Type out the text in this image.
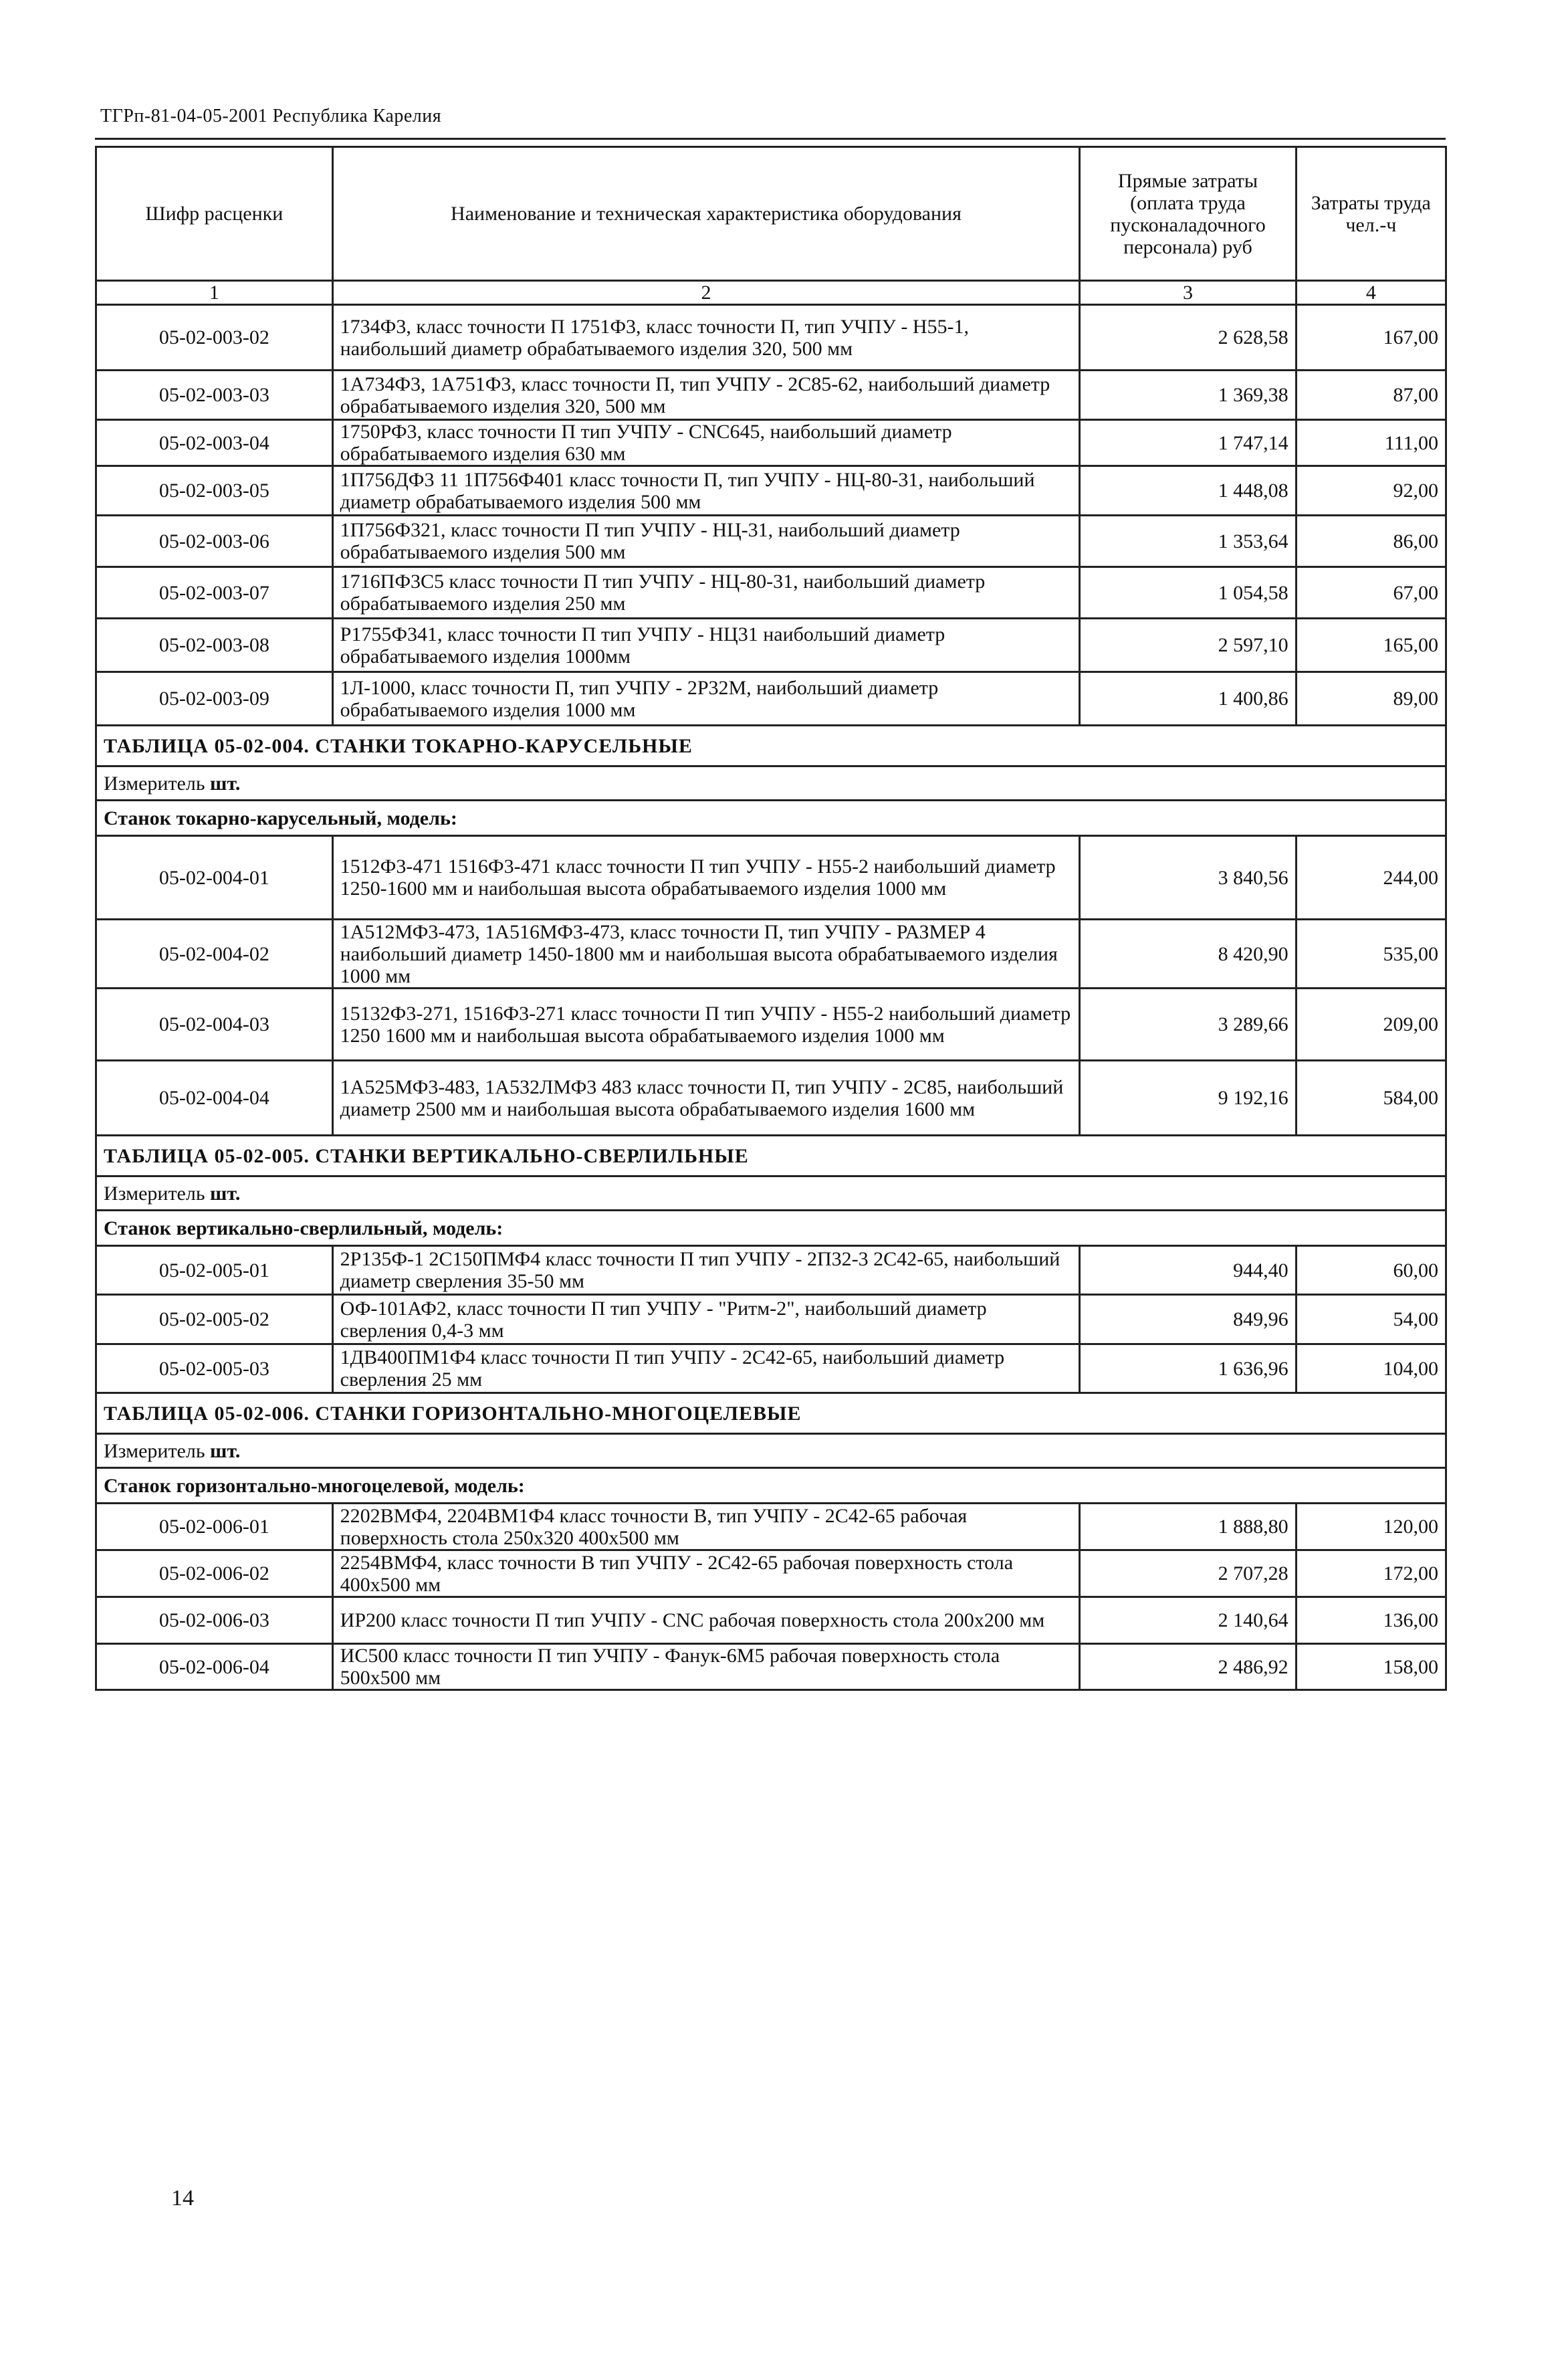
ТГРп-81-04-05-2001 Республика Карелия
Шифр расценки	Наименование и техническая характеристика оборудования	Прямые затраты (оплата труда пусконаладочного персонала) руб	Затраты труда чел.-ч
1	2	3	4
05-02-003-02	1734Ф3, класс точности П 1751Ф3, класс точности П, тип УЧПУ - Н55-1, наибольший диаметр обрабатываемого изделия 320, 500 мм	2 628,58	167,00
05-02-003-03	1А734Ф3, 1А751Ф3, класс точности П, тип УЧПУ - 2С85-62, наибольший диаметр обрабатываемого изделия 320, 500 мм	1 369,38	87,00
05-02-003-04	1750РФ3, класс точности П тип УЧПУ - CNC645, наибольший диаметр обрабатываемого изделия 630 мм	1 747,14	111,00
05-02-003-05	1П756ДФ3 11 1П756Ф401 класс точности П, тип УЧПУ - НЦ-80-31, наибольший диаметр обрабатываемого изделия 500 мм	1 448,08	92,00
05-02-003-06	1П756Ф321, класс точности П тип УЧПУ - НЦ-31, наибольший диаметр обрабатываемого изделия 500 мм	1 353,64	86,00
05-02-003-07	1716ПФ3С5 класс точности П тип УЧПУ - НЦ-80-31, наибольший диаметр обрабатываемого изделия 250 мм	1 054,58	67,00
05-02-003-08	Р1755Ф341, класс точности П тип УЧПУ - НЦ31 наибольший диаметр обрабатываемого изделия 1000мм	2 597,10	165,00
05-02-003-09	1Л-1000, класс точности П, тип УЧПУ - 2Р32М, наибольший диаметр обрабатываемого изделия 1000 мм	1 400,86	89,00
ТАБЛИЦА 05-02-004. СТАНКИ ТОКАРНО-КАРУСЕЛЬНЫЕ			
Измеритель шт.			
Станок токарно-карусельный, модель:			
05-02-004-01	1512Ф3-471 1516Ф3-471 класс точности П тип УЧПУ - Н55-2 наибольший диаметр 1250-1600 мм и наибольшая высота обрабатываемого изделия 1000 мм	3 840,56	244,00
05-02-004-02	1А512МФ3-473, 1А516МФ3-473, класс точности П, тип УЧПУ - РАЗМЕР 4 наибольший диаметр 1450-1800 мм и наибольшая высота обрабатываемого изделия 1000 мм	8 420,90	535,00
05-02-004-03	15132Ф3-271, 1516Ф3-271 класс точности П тип УЧПУ - Н55-2 наибольший диаметр 1250 1600 мм и наибольшая высота обрабатываемого изделия 1000 мм	3 289,66	209,00
05-02-004-04	1А525МФ3-483, 1А532ЛМФ3 483 класс точности П, тип УЧПУ - 2С85, наибольший диаметр 2500 мм и наибольшая высота обрабатываемого изделия 1600 мм	9 192,16	584,00
ТАБЛИЦА 05-02-005. СТАНКИ ВЕРТИКАЛЬНО-СВЕРЛИЛЬНЫЕ			
Измеритель шт.			
Станок вертикально-сверлильный, модель:			
05-02-005-01	2Р135Ф-1 2С150ПМФ4 класс точности П тип УЧПУ - 2П32-3 2С42-65, наибольший диаметр сверления 35-50 мм	944,40	60,00
05-02-005-02	ОФ-101АФ2, класс точности П тип УЧПУ - "Ритм-2", наибольший диаметр сверления 0,4-3 мм	849,96	54,00
05-02-005-03	1ДВ400ПМ1Ф4 класс точности П тип УЧПУ - 2С42-65, наибольший диаметр сверления 25 мм	1 636,96	104,00
ТАБЛИЦА 05-02-006. СТАНКИ ГОРИЗОНТАЛЬНО-МНОГОЦЕЛЕВЫЕ			
Измеритель шт.			
Станок горизонтально-многоцелевой, модель:			
05-02-006-01	2202ВМФ4, 2204ВМ1Ф4 класс точности В, тип УЧПУ - 2С42-65 рабочая поверхность стола 250х320 400х500 мм	1 888,80	120,00
05-02-006-02	2254ВМФ4, класс точности В тип УЧПУ - 2С42-65 рабочая поверхность стола 400х500 мм	2 707,28	172,00
05-02-006-03	ИР200 класс точности П тип УЧПУ - CNC рабочая поверхность стола 200х200 мм	2 140,64	136,00
05-02-006-04	ИС500 класс точности П тип УЧПУ - Фанук-6М5 рабочая поверхность стола 500х500 мм	2 486,92	158,00
14
